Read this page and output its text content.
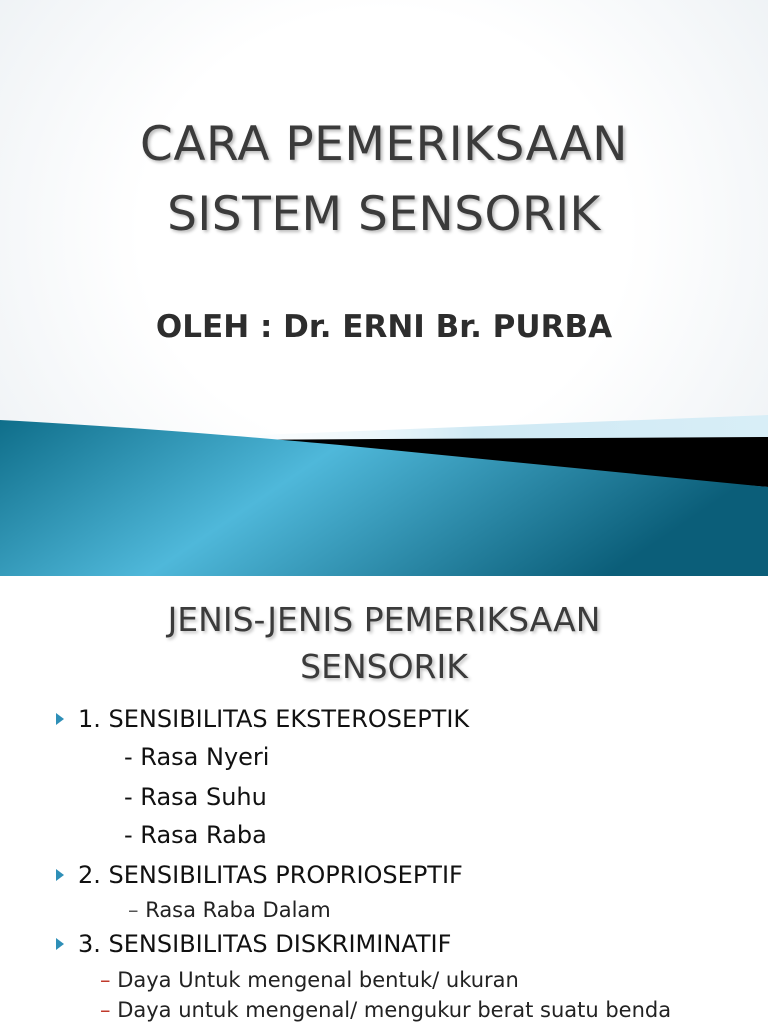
CARA PEMERIKSAAN
SISTEM SENSORIK
OLEH : Dr. ERNI Br. PURBA
JENIS-JENIS PEMERIKSAAN
SENSORIK
1. SENSIBILITAS EKSTEROSEPTIK
- Rasa Nyeri
- Rasa Suhu
- Rasa Raba
2. SENSIBILITAS PROPRIOSEPTIF
– Rasa Raba Dalam
3. SENSIBILITAS DISKRIMINATIF
– Daya Untuk mengenal bentuk/ ukuran
– Daya untuk mengenal/ mengukur berat suatu benda
